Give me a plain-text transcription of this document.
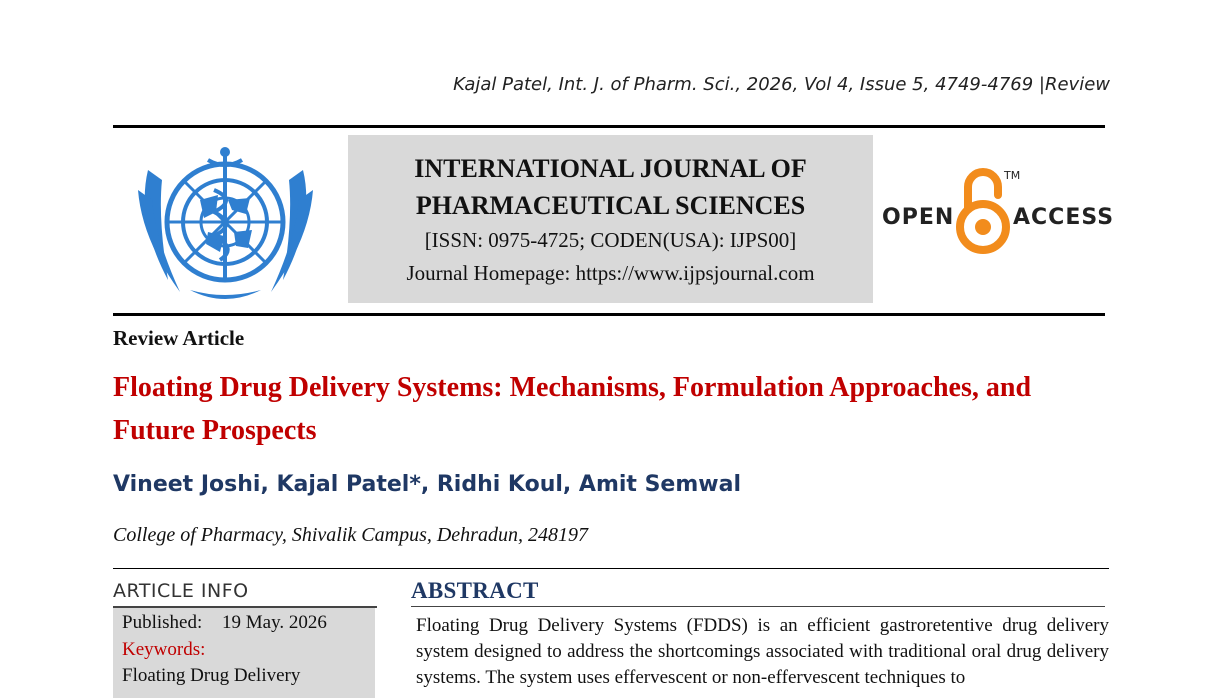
Kajal Patel, Int. J. of Pharm. Sci., 2026, Vol 4, Issue 5, 4749-4769 |Review
INTERNATIONAL JOURNAL OF
PHARMACEUTICAL SCIENCES
[ISSN: 0975-4725; CODEN(USA): IJPS00]
Journal Homepage: https://www.ijpsjournal.com
OPEN
TM
ACCESS
Review Article
Floating Drug Delivery Systems: Mechanisms, Formulation Approaches, and Future Prospects
Vineet Joshi, Kajal Patel*, Ridhi Koul, Amit Semwal
College of Pharmacy, Shivalik Campus, Dehradun, 248197
ARTICLE INFO
Published: 19 May. 2026
Keywords:
Floating Drug Delivery
ABSTRACT
Floating Drug Delivery Systems (FDDS) is an efficient gastroretentive drug delivery system designed to address the shortcomings associated with traditional oral drug delivery systems. The system uses effervescent or non-effervescent techniques to
